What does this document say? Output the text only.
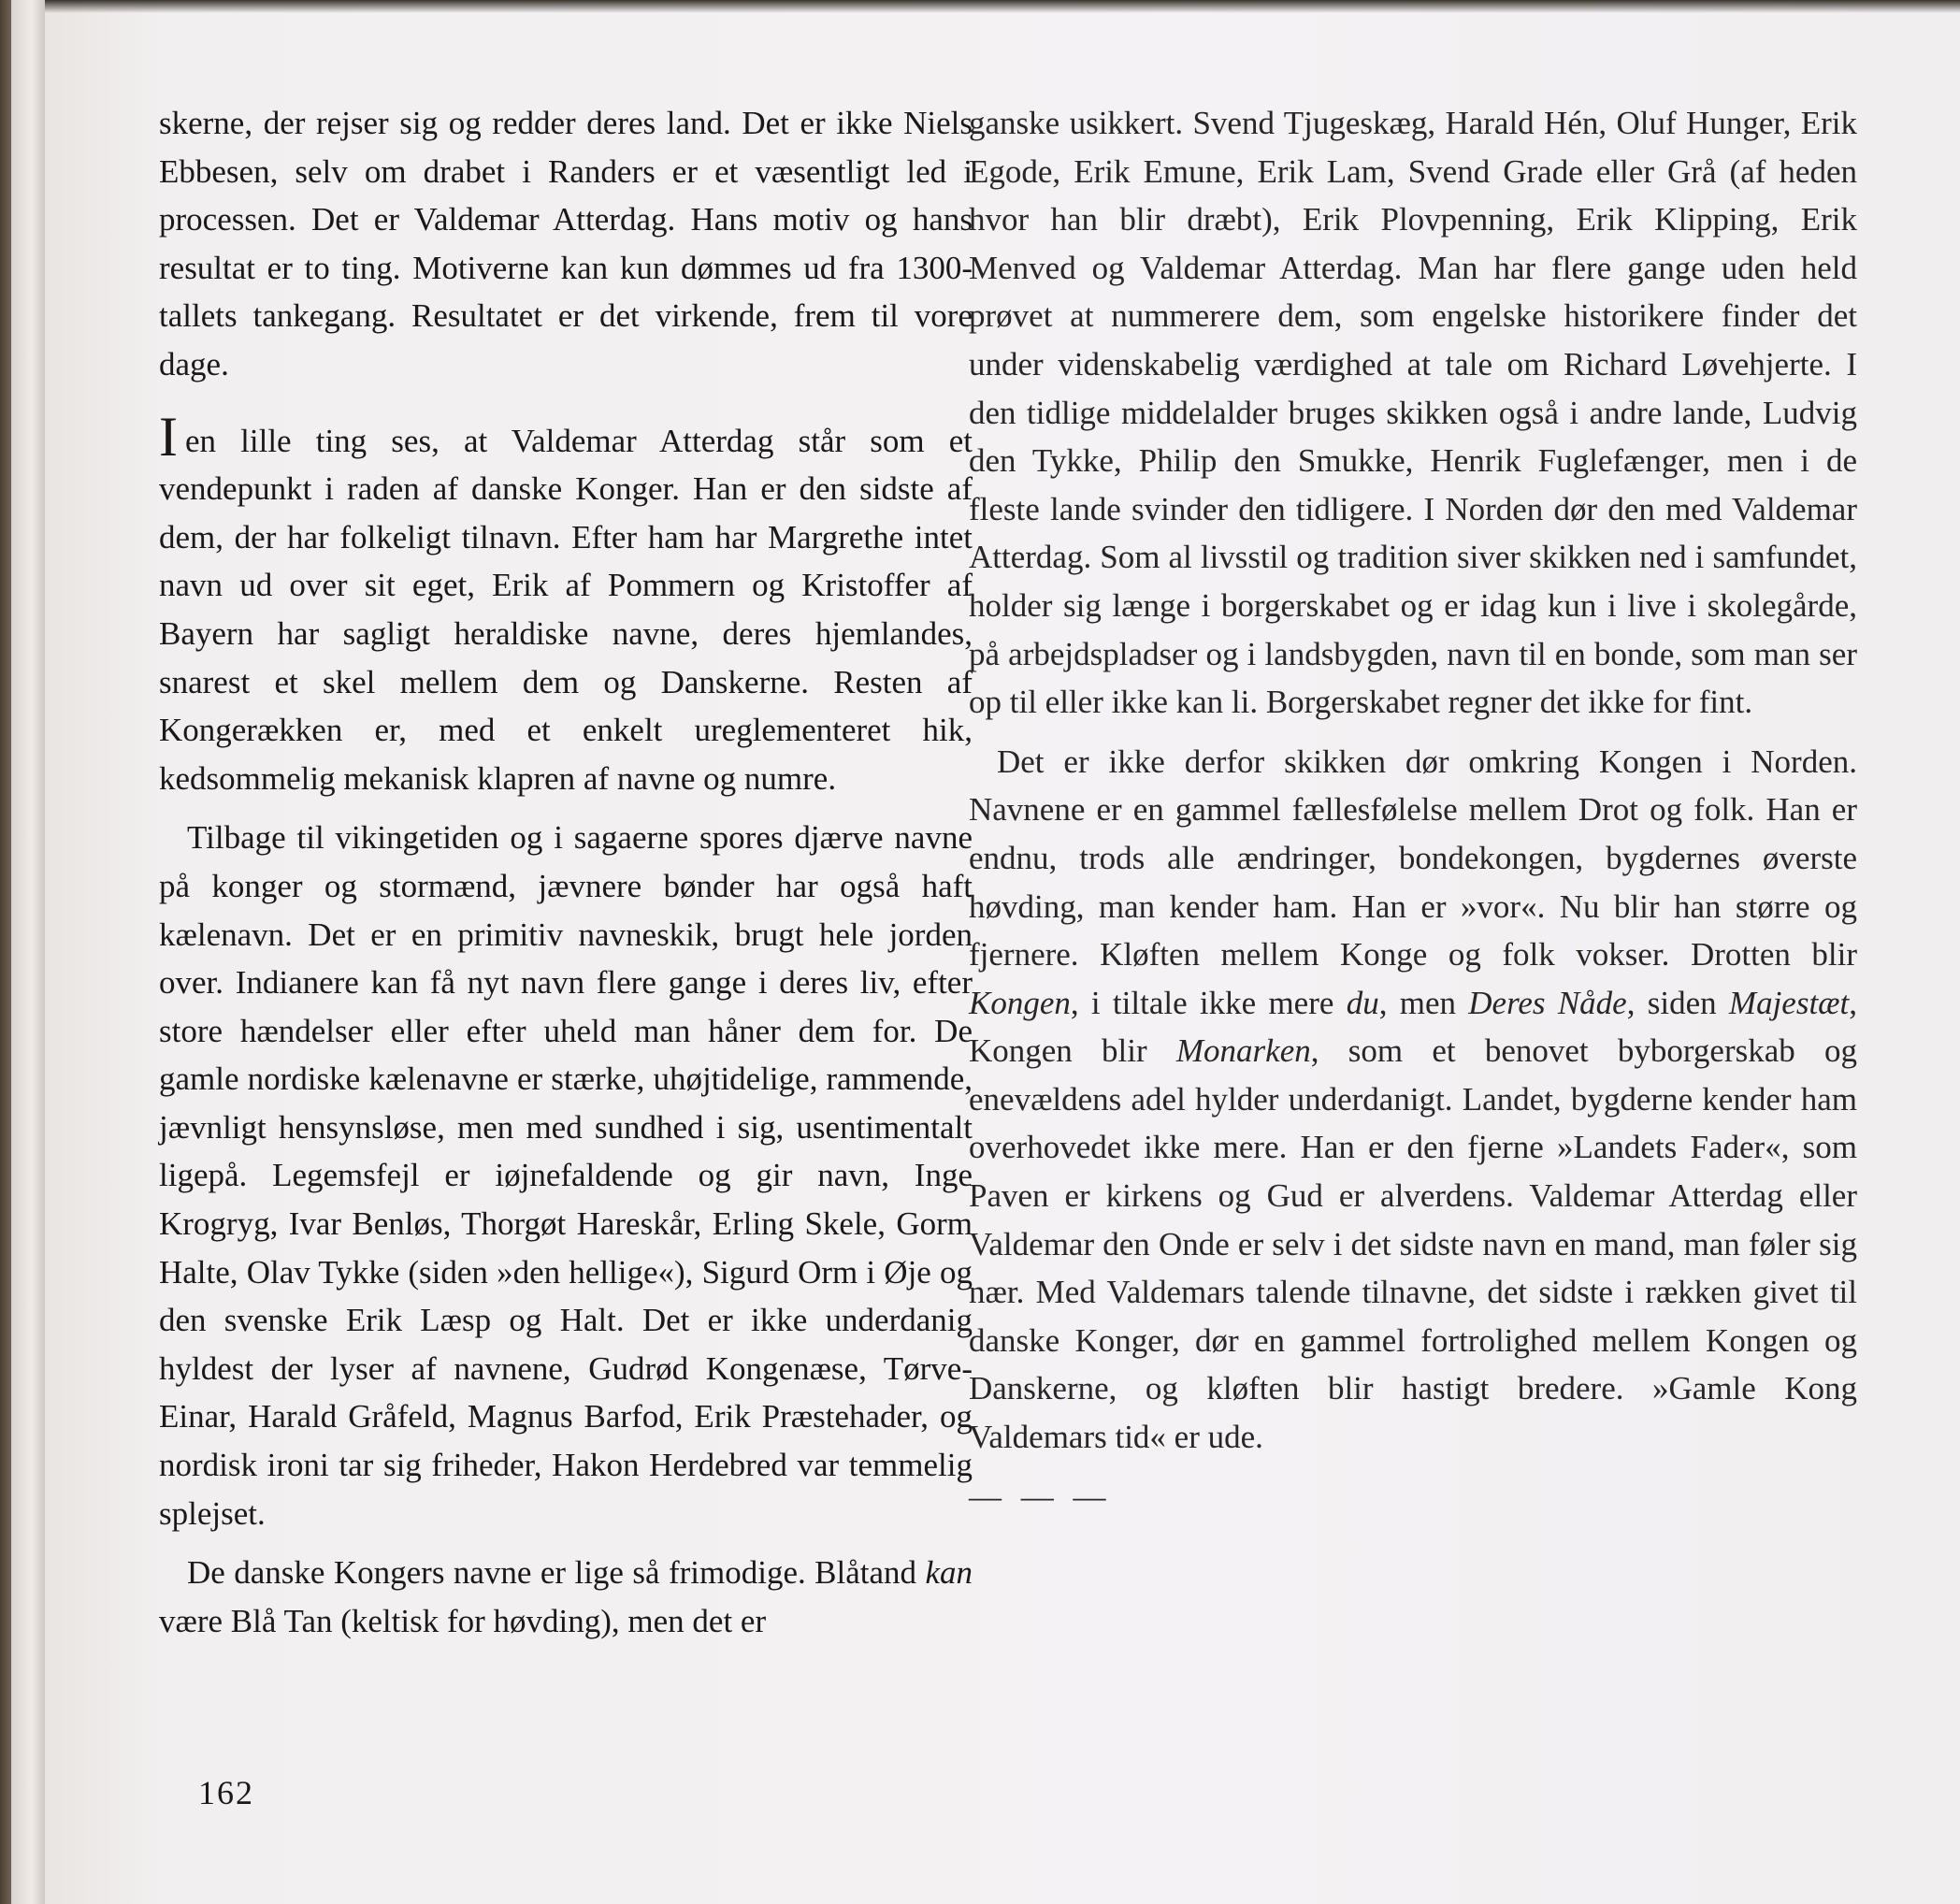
skerne, der rejser sig og redder deres land. Det er ikke Niels Ebbesen, selv om drabet i Randers er et væsentligt led i processen. Det er Valdemar Atterdag. Hans motiv og hans resultat er to ting. Motiverne kan kun dømmes ud fra 1300-tallets tankegang. Resultatet er det virkende, frem til vore dage.

Ien lille ting ses, at Valdemar Atterdag står som et vendepunkt i raden af danske Konger. Han er den sidste af dem, der har folkeligt tilnavn. Efter ham har Margrethe intet navn ud over sit eget, Erik af Pommern og Kristoffer af Bayern har sagligt heraldiske navne, deres hjemlandes, snarest et skel mellem dem og Danskerne. Resten af Kongerækken er, med et enkelt ureglementeret hik, kedsommelig mekanisk klapren af navne og numre.

Tilbage til vikingetiden og i sagaerne spores djærve navne på konger og stormænd, jævnere bønder har også haft kælenavn. Det er en primitiv navneskik, brugt hele jorden over. Indianere kan få nyt navn flere gange i deres liv, efter store hændelser eller efter uheld man håner dem for. De gamle nordiske kælenavne er stærke, uhøjtidelige, rammende, jævnligt hensynsløse, men med sundhed i sig, usentimentalt ligepå. Legemsfejl er iøjnefaldende og gir navn, Inge Krogryg, Ivar Benløs, Thorgøt Hareskår, Erling Skele, Gorm Halte, Olav Tykke (siden »den hellige«), Sigurd Orm i Øje og den svenske Erik Læsp og Halt. Det er ikke underdanig hyldest der lyser af navnene, Gudrød Kongenæse, Tørve-Einar, Harald Gråfeld, Magnus Barfod, Erik Præstehader, og nordisk ironi tar sig friheder, Hakon Herdebred var temmelig splejset.

De danske Kongers navne er lige så frimodige. Blåtand kan være Blå Tan (keltisk for høvding), men det er

ganske usikkert. Svend Tjugeskæg, Harald Hén, Oluf Hunger, Erik Egode, Erik Emune, Erik Lam, Svend Grade eller Grå (af heden hvor han blir dræbt), Erik Plovpenning, Erik Klipping, Erik Menved og Valdemar Atterdag. Man har flere gange uden held prøvet at nummerere dem, som engelske historikere finder det under videnskabelig værdighed at tale om Richard Løvehjerte. I den tidlige middelalder bruges skikken også i andre lande, Ludvig den Tykke, Philip den Smukke, Henrik Fuglefænger, men i de fleste lande svinder den tidligere. I Norden dør den med Valdemar Atterdag. Som al livsstil og tradition siver skikken ned i samfundet, holder sig længe i borgerskabet og er idag kun i live i skolegårde, på arbejdspladser og i landsbygden, navn til en bonde, som man ser op til eller ikke kan li. Borgerskabet regner det ikke for fint.

Det er ikke derfor skikken dør omkring Kongen i Norden. Navnene er en gammel fællesfølelse mellem Drot og folk. Han er endnu, trods alle ændringer, bondekongen, bygdernes øverste høvding, man kender ham. Han er »vor«. Nu blir han større og fjernere. Kløften mellem Konge og folk vokser. Drotten blir Kongen, i tiltale ikke mere du, men Deres Nåde, siden Majestæt, Kongen blir Monarken, som et benovet byborgerskab og enevældens adel hylder underdanigt. Landet, bygderne kender ham overhovedet ikke mere. Han er den fjerne »Landets Fader«, som Paven er kirkens og Gud er alverdens. Valdemar Atterdag eller Valdemar den Onde er selv i det sidste navn en mand, man føler sig nær. Med Valdemars talende tilnavne, det sidste i rækken givet til danske Konger, dør en gammel fortrolighed mellem Kongen og Danskerne, og kløften blir hastigt bredere. »Gamle Kong Valdemars tid« er ude.

— — —

162
